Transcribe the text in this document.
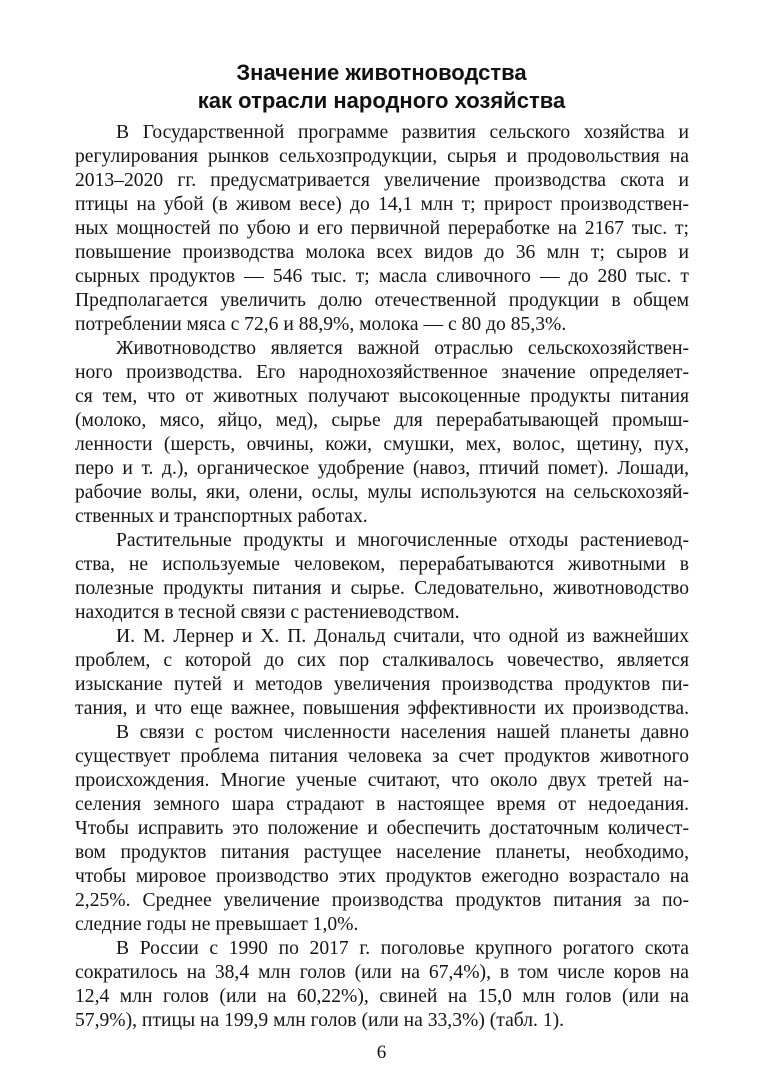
Значение животноводства
как отрасли народного хозяйства
В Государственной программе развития сельского хозяйства и
регулирования рынков сельхозпродукции, сырья и продовольствия на
2013–2020 гг. предусматривается увеличение производства скота и
птицы на убой (в живом весе) до 14,1 млн т; прирост производствен-
ных мощностей по убою и его первичной переработке на 2167 тыс. т;
повышение производства молока всех видов до 36 млн т; сыров и
сырных продуктов — 546 тыс. т; масла сливочного — до 280 тыс. т
Предполагается увеличить долю отечественной продукции в общем
потреблении мяса с 72,6 и 88,9%, молока — с 80 до 85,3%.
Животноводство является важной отраслью сельскохозяйствен-
ного производства. Его народнохозяйственное значение определяет-
ся тем, что от животных получают высокоценные продукты питания
(молоко, мясо, яйцо, мед), сырье для перерабатывающей промыш-
ленности (шерсть, овчины, кожи, смушки, мех, волос, щетину, пух,
перо и т. д.), органическое удобрение (навоз, птичий помет). Лошади,
рабочие волы, яки, олени, ослы, мулы используются на сельскохозяй-
ственных и транспортных работах.
Растительные продукты и многочисленные отходы растениевод-
ства, не используемые человеком, перерабатываются животными в
полезные продукты питания и сырье. Следовательно, животноводство
находится в тесной связи с растениеводством.
И. М. Лернер и Х. П. Дональд считали, что одной из важнейших
проблем, с которой до сих пор сталкивалось човечество, является
изыскание путей и методов увеличения производства продуктов пи-
тания, и что еще важнее, повышения эффективности их производства.
В связи с ростом численности населения нашей планеты давно
существует проблема питания человека за счет продуктов животного
происхождения. Многие ученые считают, что около двух третей на-
селения земного шара страдают в настоящее время от недоедания.
Чтобы исправить это положение и обеспечить достаточным количест-
вом продуктов питания растущее население планеты, необходимо,
чтобы мировое производство этих продуктов ежегодно возрастало на
2,25%. Среднее увеличение производства продуктов питания за по-
следние годы не превышает 1,0%.
В России с 1990 по 2017 г. поголовье крупного рогатого скота
сократилось на 38,4 млн голов (или на 67,4%), в том числе коров на
12,4 млн голов (или на 60,22%), свиней на 15,0 млн голов (или на
57,9%), птицы на 199,9 млн голов (или на 33,3%) (табл. 1).
6
